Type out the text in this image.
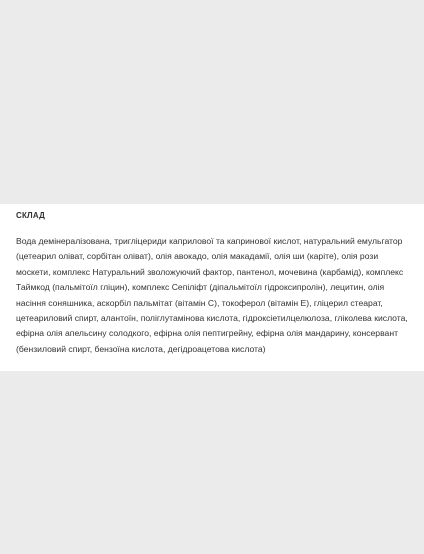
СКЛАД

Вода демінералізована, тригліцериди каприлової та капринової кислот, натуральний емульгатор (цетеарил оліват, сорбітан оліват), олія авокадо, олія макадамії, олія ши (каріте), олія рози москети, комплекс Натуральний зволожуючий фактор, пантенол, мочевина (карбамід), комплекс Таймкод (пальмітоїл гліцин), комплекс Сепіліфт (діпальмітоїл гідроксипролін), лецитин, олія насіння соняшника, аскорбіл пальмітат (вітамін С), токоферол (вітамін Е), гліцерил стеарат, цетеариловий спирт, алантоїн, поліглутамінова кислота, гідроксіетилцелюлоза, гліколева кислота, ефірна олія апельсину солодкого, ефірна олія пептигрейну, ефірна олія мандарину, консервант (бензиловий спирт, бензоїна кислота, дегідроацетова кислота)
